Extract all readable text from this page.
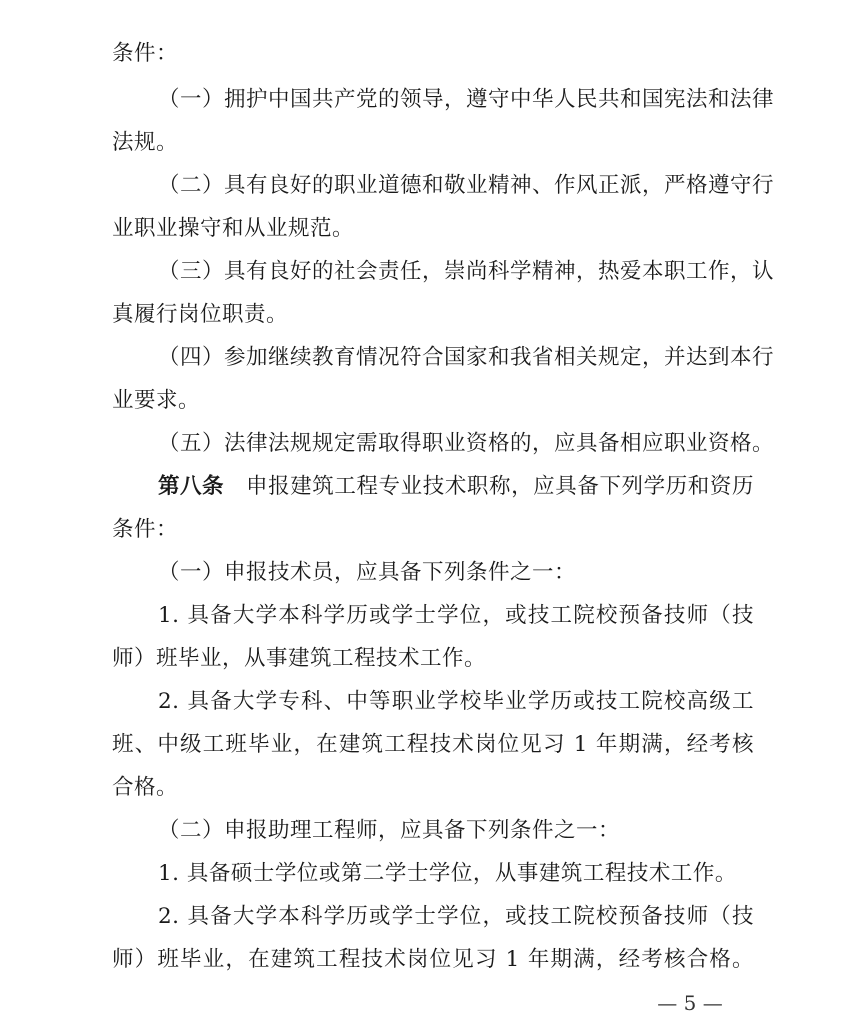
条件：
（一）拥护中国共产党的领导，遵守中华人民共和国宪法和法律
法规。
（二）具有良好的职业道德和敬业精神、作风正派，严格遵守行
业职业操守和从业规范。
（三）具有良好的社会责任，崇尚科学精神，热爱本职工作，认
真履行岗位职责。
（四）参加继续教育情况符合国家和我省相关规定，并达到本行
业要求。
（五）法律法规规定需取得职业资格的，应具备相应职业资格。
第八条 申报建筑工程专业技术职称，应具备下列学历和资历
条件：
（一）申报技术员，应具备下列条件之一：
1. 具备大学本科学历或学士学位，或技工院校预备技师（技
师）班毕业，从事建筑工程技术工作。
2. 具备大学专科、中等职业学校毕业学历或技工院校高级工
班、中级工班毕业，在建筑工程技术岗位见习 1 年期满，经考核
合格。
（二）申报助理工程师，应具备下列条件之一：
1. 具备硕士学位或第二学士学位，从事建筑工程技术工作。
2. 具备大学本科学历或学士学位，或技工院校预备技师（技
师）班毕业，在建筑工程技术岗位见习 1 年期满，经考核合格。
— 5 —
